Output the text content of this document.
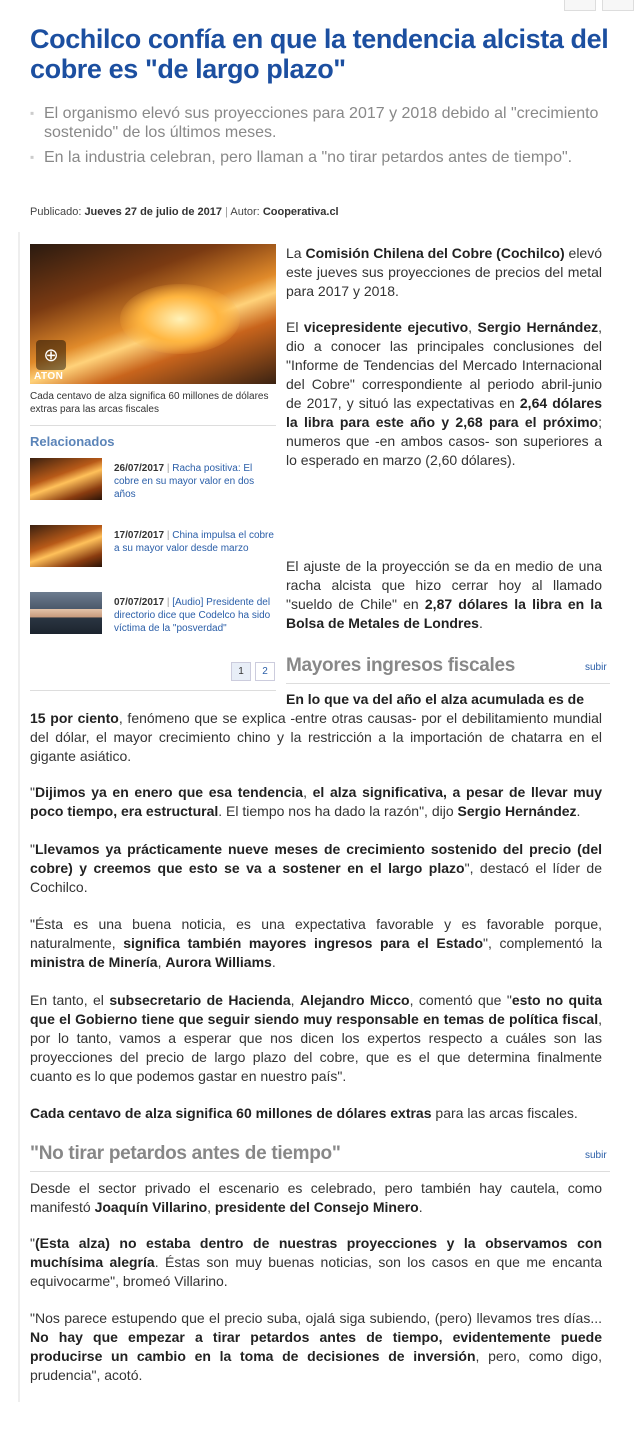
Cochilco confía en que la tendencia alcista del cobre es "de largo plazo"
▪ El organismo elevó sus proyecciones para 2017 y 2018 debido al "crecimiento sostenido" de los últimos meses.
▪ En la industria celebran, pero llaman a "no tirar petardos antes de tiempo".
Publicado: Jueves 27 de julio de 2017 | Autor: Cooperativa.cl
⊕
ATON
Cada centavo de alza significa 60 millones de dólares extras para las arcas fiscales
Relacionados
26/07/2017 | Racha positiva: El cobre en su mayor valor en dos años
17/07/2017 | China impulsa el cobre a su mayor valor desde marzo
07/07/2017 | [Audio] Presidente del directorio dice que Codelco ha sido víctima de la "posverdad"
1	2

La Comisión Chilena del Cobre (Cochilco) elevó este jueves sus proyecciones de precios del metal para 2017 y 2018.

El vicepresidente ejecutivo, Sergio Hernández, dio a conocer las principales conclusiones del "Informe de Tendencias del Mercado Internacional del Cobre" correspondiente al periodo abril-junio de 2017, y situó las expectativas en 2,64 dólares la libra para este año y 2,68 para el próximo; numeros que -en ambos casos- son superiores a lo esperado en marzo (2,60 dólares).

El ajuste de la proyección se da en medio de una racha alcista que hizo cerrar hoy al llamado "sueldo de Chile" en 2,87 dólares la libra en la Bolsa de Metales de Londres.

Mayores ingresos fiscales	subir

En lo que va del año el alza acumulada es de

15 por ciento, fenómeno que se explica -entre otras causas- por el debilitamiento mundial del dólar, el mayor crecimiento chino y la restricción a la importación de chatarra en el gigante asiático.

"Dijimos ya en enero que esa tendencia, el alza significativa, a pesar de llevar muy poco tiempo, era estructural. El tiempo nos ha dado la razón", dijo Sergio Hernández.

"Llevamos ya prácticamente nueve meses de crecimiento sostenido del precio (del cobre) y creemos que esto se va a sostener en el largo plazo", destacó el líder de Cochilco.

"Ésta es una buena noticia, es una expectativa favorable y es favorable porque, naturalmente, significa también mayores ingresos para el Estado", complementó la ministra de Minería, Aurora Williams.

En tanto, el subsecretario de Hacienda, Alejandro Micco, comentó que "esto no quita que el Gobierno tiene que seguir siendo muy responsable en temas de política fiscal, por lo tanto, vamos a esperar que nos dicen los expertos respecto a cuáles son las proyecciones del precio de largo plazo del cobre, que es el que determina finalmente cuanto es lo que podemos gastar en nuestro país".

Cada centavo de alza significa 60 millones de dólares extras para las arcas fiscales.

"No tirar petardos antes de tiempo"	subir

Desde el sector privado el escenario es celebrado, pero también hay cautela, como manifestó Joaquín Villarino, presidente del Consejo Minero.

"(Esta alza) no estaba dentro de nuestras proyecciones y la observamos con muchísima alegría. Éstas son muy buenas noticias, son los casos en que me encanta equivocarme", bromeó Villarino.

"Nos parece estupendo que el precio suba, ojalá siga subiendo, (pero) llevamos tres días... No hay que empezar a tirar petardos antes de tiempo, evidentemente puede producirse un cambio en la toma de decisiones de inversión, pero, como digo, prudencia", acotó.
